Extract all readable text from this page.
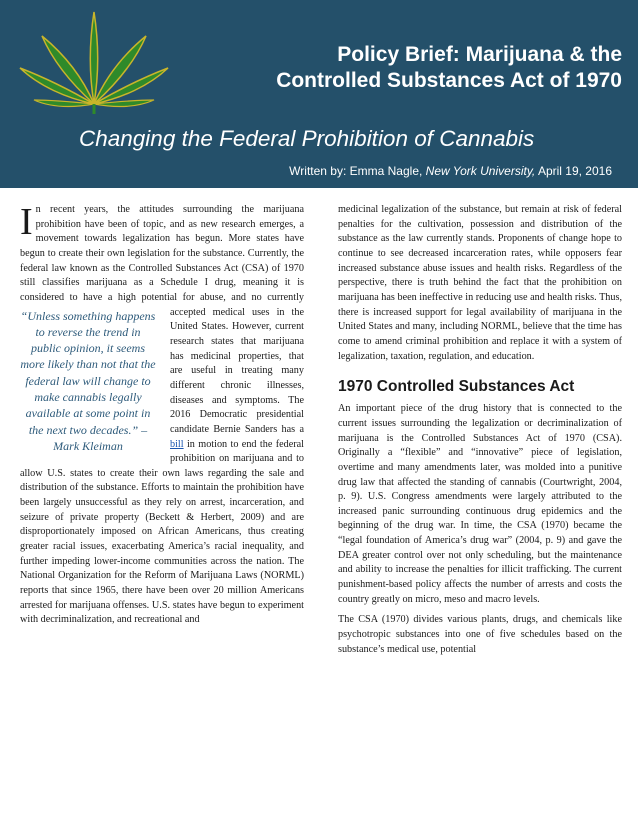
Policy Brief: Marijuana & the
Controlled Substances Act of 1970
Changing the Federal Prohibition of Cannabis
Written by: Emma Nagle, New York University, April 19, 2016

In recent years, the attitudes surrounding the marijuana prohibition have been of topic, and as new research emerges, a movement towards legalization has begun. More states have begun to create their own legislation for the substance. Currently, the federal law known as the Controlled Substances Act (CSA) of 1970 still classifies marijuana as a Schedule I drug, meaning it is considered to have a high potential for abuse, and no currently
“Unless something happens to reverse the trend in public opinion, it seems more likely than not that the federal law will change to make cannabis legally available at some point in the next two decades.” – Mark Kleiman
accepted medical uses in the United States. However, current research states that marijuana has medicinal properties, that are useful in treating many different chronic illnesses, diseases and symptoms. The 2016 Democratic presidential candidate Bernie Sanders has a bill in motion to end the federal prohibition on marijuana and to allow U.S. states to create their own laws regarding the sale and distribution of the substance. Efforts to maintain the prohibition have been largely unsuccessful as they rely on arrest, incarceration, and seizure of private property (Beckett & Herbert, 2009) and are disproportionately imposed on African Americans, thus creating greater racial issues, exacerbating America’s racial inequality, and further impeding lower-income communities across the nation. The National Organization for the Reform of Marijuana Laws (NORML) reports that since 1965, there have been over 20 million Americans arrested for marijuana offenses. U.S. states have begun to experiment with decriminalization, and recreational and

medicinal legalization of the substance, but remain at risk of federal penalties for the cultivation, possession and distribution of the substance as the law currently stands. Proponents of change hope to continue to see decreased incarceration rates, while opposers fear increased substance abuse issues and health risks. Regardless of the perspective, there is truth behind the fact that the prohibition on marijuana has been ineffective in reducing use and health risks. Thus, there is increased support for legal availability of marijuana in the United States and many, including NORML, believe that the time has come to amend criminal prohibition and replace it with a system of legalization, taxation, regulation, and education.

1970 Controlled Substances Act

An important piece of the drug history that is connected to the current issues surrounding the legalization or decriminalization of marijuana is the Controlled Substances Act of 1970 (CSA). Originally a “flexible” and “innovative” piece of legislation, overtime and many amendments later, was molded into a punitive drug law that affected the standing of cannabis (Courtwright, 2004, p. 9). U.S. Congress amendments were largely attributed to the increased panic surrounding continuous drug epidemics and the beginning of the drug war. In time, the CSA (1970) became the “legal foundation of America’s drug war” (2004, p. 9) and gave the DEA greater control over not only scheduling, but the maintenance and ability to increase the penalties for illicit trafficking. The current punishment-based policy affects the number of arrests and costs the country greatly on micro, meso and macro levels.

The CSA (1970) divides various plants, drugs, and chemicals like psychotropic substances into one of five schedules based on the substance’s medical use, potential
